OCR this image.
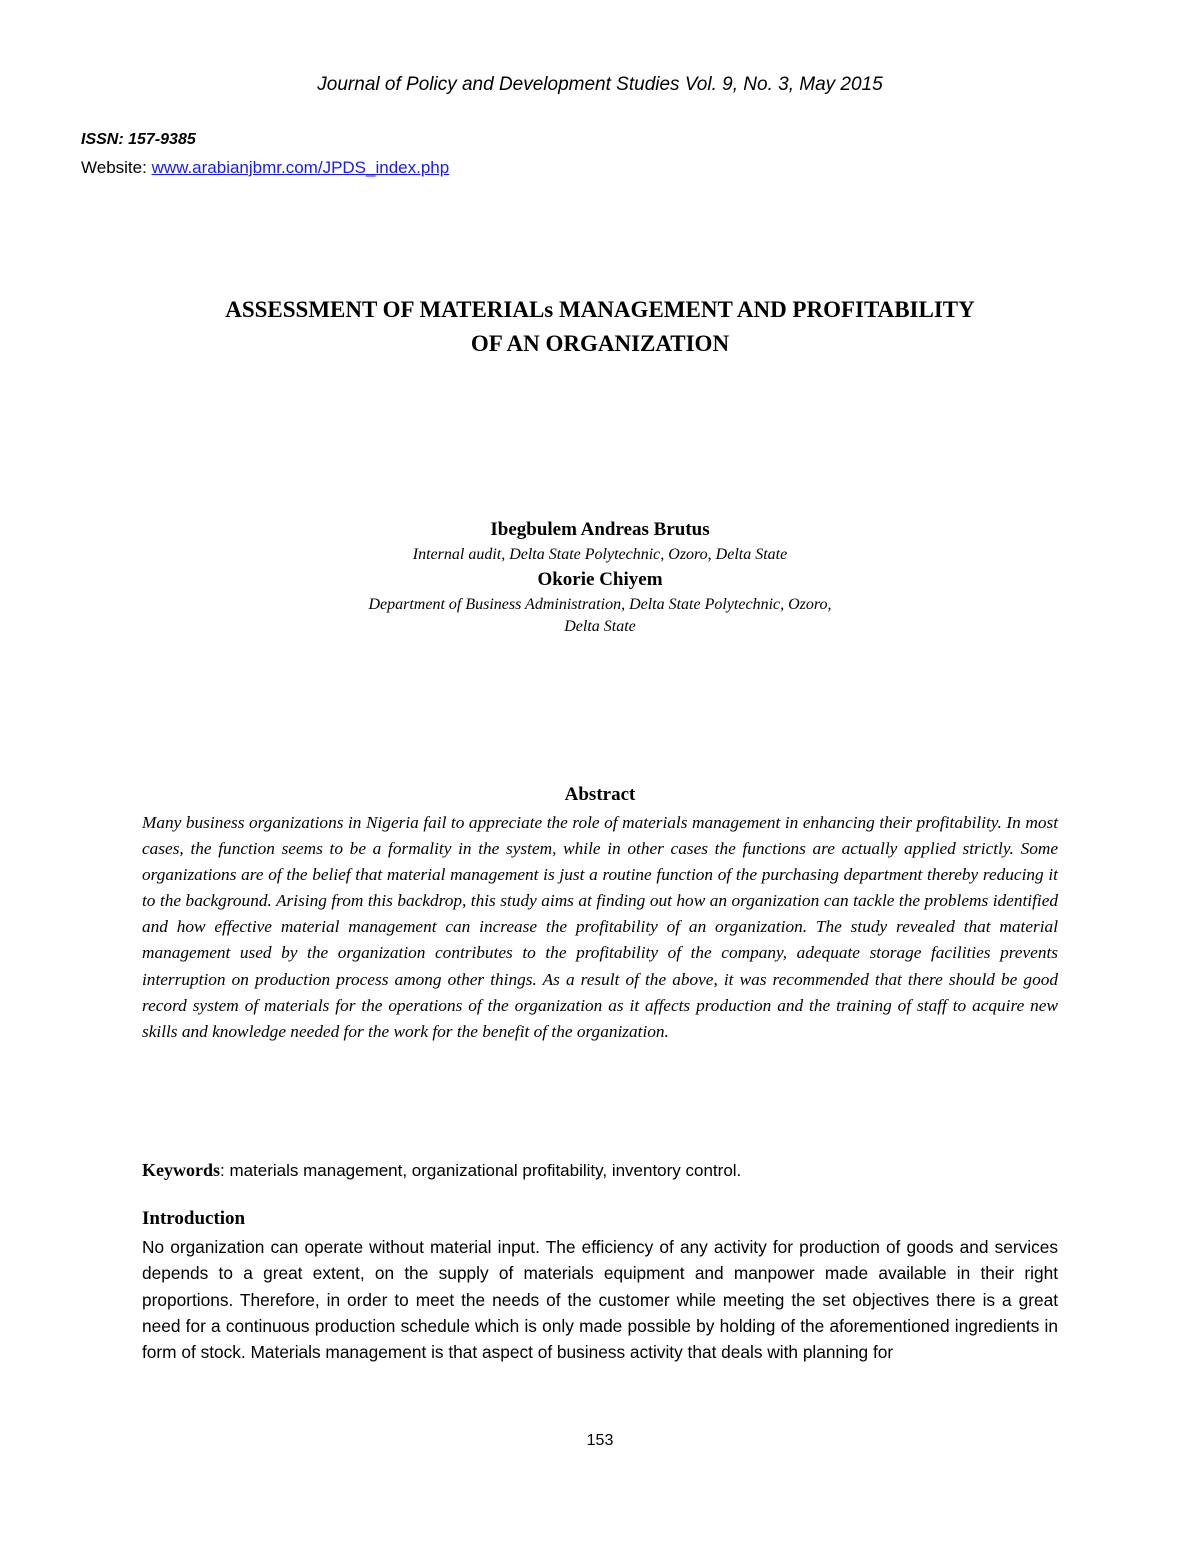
Journal of Policy and Development Studies Vol. 9, No. 3, May 2015
ISSN: 157-9385
Website: www.arabianjbmr.com/JPDS_index.php
ASSESSMENT OF MATERIALs MANAGEMENT AND PROFITABILITY
OF AN ORGANIZATION
Ibegbulem Andreas Brutus
Internal audit, Delta State Polytechnic, Ozoro, Delta State
Okorie Chiyem
Department of Business Administration, Delta State Polytechnic, Ozoro,
Delta State
Abstract
Many business organizations in Nigeria fail to appreciate the role of materials management in enhancing their profitability. In most cases, the function seems to be a formality in the system, while in other cases the functions are actually applied strictly. Some organizations are of the belief that material management is just a routine function of the purchasing department thereby reducing it to the background. Arising from this backdrop, this study aims at finding out how an organization can tackle the problems identified and how effective material management can increase the profitability of an organization. The study revealed that material management used by the organization contributes to the profitability of the company, adequate storage facilities prevents interruption on production process among other things. As a result of the above, it was recommended that there should be good record system of materials for the operations of the organization as it affects production and the training of staff to acquire new skills and knowledge needed for the work for the benefit of the organization.
Keywords: materials management, organizational profitability, inventory control.
Introduction
No organization can operate without material input. The efficiency of any activity for production of goods and services depends to a great extent, on the supply of materials equipment and manpower made available in their right proportions. Therefore, in order to meet the needs of the customer while meeting the set objectives there is a great need for a continuous production schedule which is only made possible by holding of the aforementioned ingredients in form of stock. Materials management is that aspect of business activity that deals with planning for
153
